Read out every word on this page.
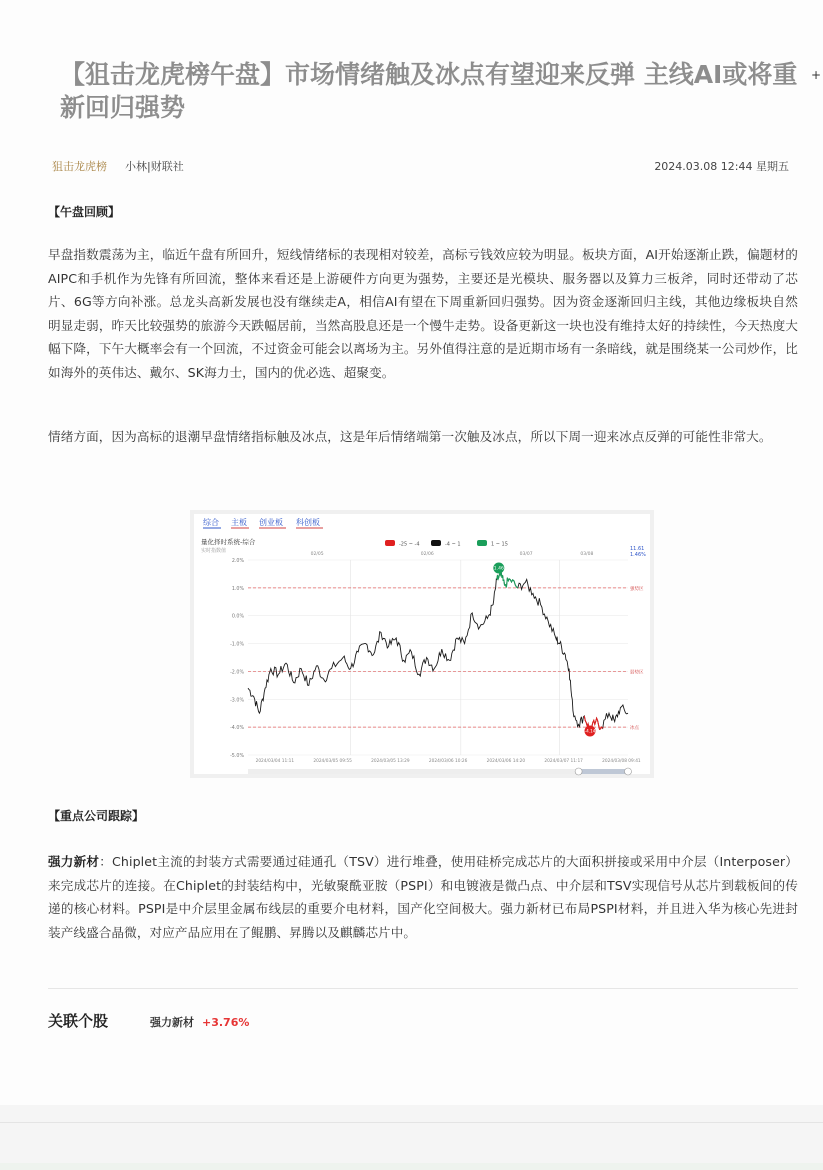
【狙击龙虎榜午盘】市场情绪触及冰点有望迎来反弹 主线AI或将重新回归强势
+
狙击龙虎榜 小林|财联社	2024.03.08 12:44 星期五

【午盘回顾】

早盘指数震荡为主，临近午盘有所回升，短线情绪标的表现相对较差，高标亏钱效应较为明显。板块方面，AI开始逐渐止跌，偏题材的AIPC和手机作为先锋有所回流，整体来看还是上游硬件方向更为强势，主要还是光模块、服务器以及算力三板斧，同时还带动了芯片、6G等方向补涨。总龙头高新发展也没有继续走A，相信AI有望在下周重新回归强势。因为资金逐渐回归主线，其他边缘板块自然明显走弱，昨天比较强势的旅游今天跌幅居前，当然高股息还是一个慢牛走势。设备更新这一块也没有维持太好的持续性，今天热度大幅下降，下午大概率会有一个回流，不过资金可能会以离场为主。另外值得注意的是近期市场有一条暗线，就是围绕某一公司炒作，比如海外的英伟达、戴尔、SK海力士，国内的优必选、超聚变。

情绪方面，因为高标的退潮早盘情绪指标触及冰点，这是年后情绪端第一次触及冰点，所以下周一迎来冰点反弹的可能性非常大。

综合 主板 创业板 科创板
量化择时系统-综合
实时指数值
-25 ~ -4	-4 ~ 1	1 ~ 15
02/05	02/06	03/07	03/08
11.61
1.46%
2.0%
1.0%
0.0%
-1.0%
-2.0%
-3.0%
-4.0%
-5.0%
强势区
弱势区
冰点
1.46
-4.14
2024/03/04 11:11	2024/03/05 09:55	2024/03/05 13:29	2024/03/06 10:26	2024/03/06 14:20	2024/03/07 11:17	2024/03/08 09:41

【重点公司跟踪】

强力新材：Chiplet主流的封装方式需要通过硅通孔（TSV）进行堆叠，使用硅桥完成芯片的大面积拼接或采用中介层（Interposer）来完成芯片的连接。在Chiplet的封装结构中，光敏聚酰亚胺（PSPI）和电镀液是微凸点、中介层和TSV实现信号从芯片到载板间的传递的核心材料。PSPI是中介层里金属布线层的重要介电材料，国产化空间极大。强力新材已布局PSPI材料，并且进入华为核心先进封装产线盛合晶微，对应产品应用在了鲲鹏、昇腾以及麒麟芯片中。

关联个股	强力新材 +3.76%
